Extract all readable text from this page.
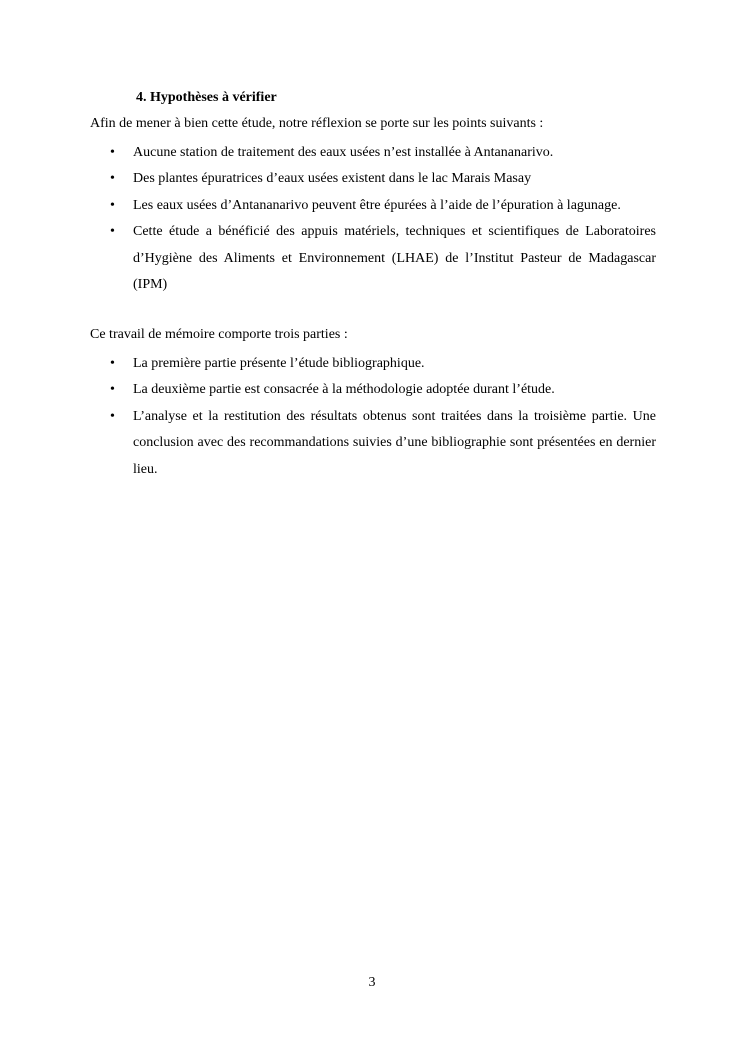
4. Hypothèses à vérifier

Afin de mener à bien cette étude, notre réflexion se porte sur les points suivants :

• Aucune station de traitement des eaux usées n’est installée à Antananarivo.
• Des plantes épuratrices d’eaux usées existent dans le lac Marais Masay
• Les eaux usées d’Antananarivo peuvent être épurées à l’aide de l’épuration à lagunage.
• Cette étude a bénéficié des appuis matériels, techniques et scientifiques de Laboratoires d’Hygiène des Aliments et Environnement (LHAE) de l’Institut Pasteur de Madagascar (IPM)

Ce travail de mémoire comporte trois parties :

• La première partie présente l’étude bibliographique.
• La deuxième partie est consacrée à la méthodologie adoptée durant l’étude.
• L’analyse et la restitution des résultats obtenus sont traitées dans la troisième partie. Une conclusion avec des recommandations suivies d’une bibliographie sont présentées en dernier lieu.
3
